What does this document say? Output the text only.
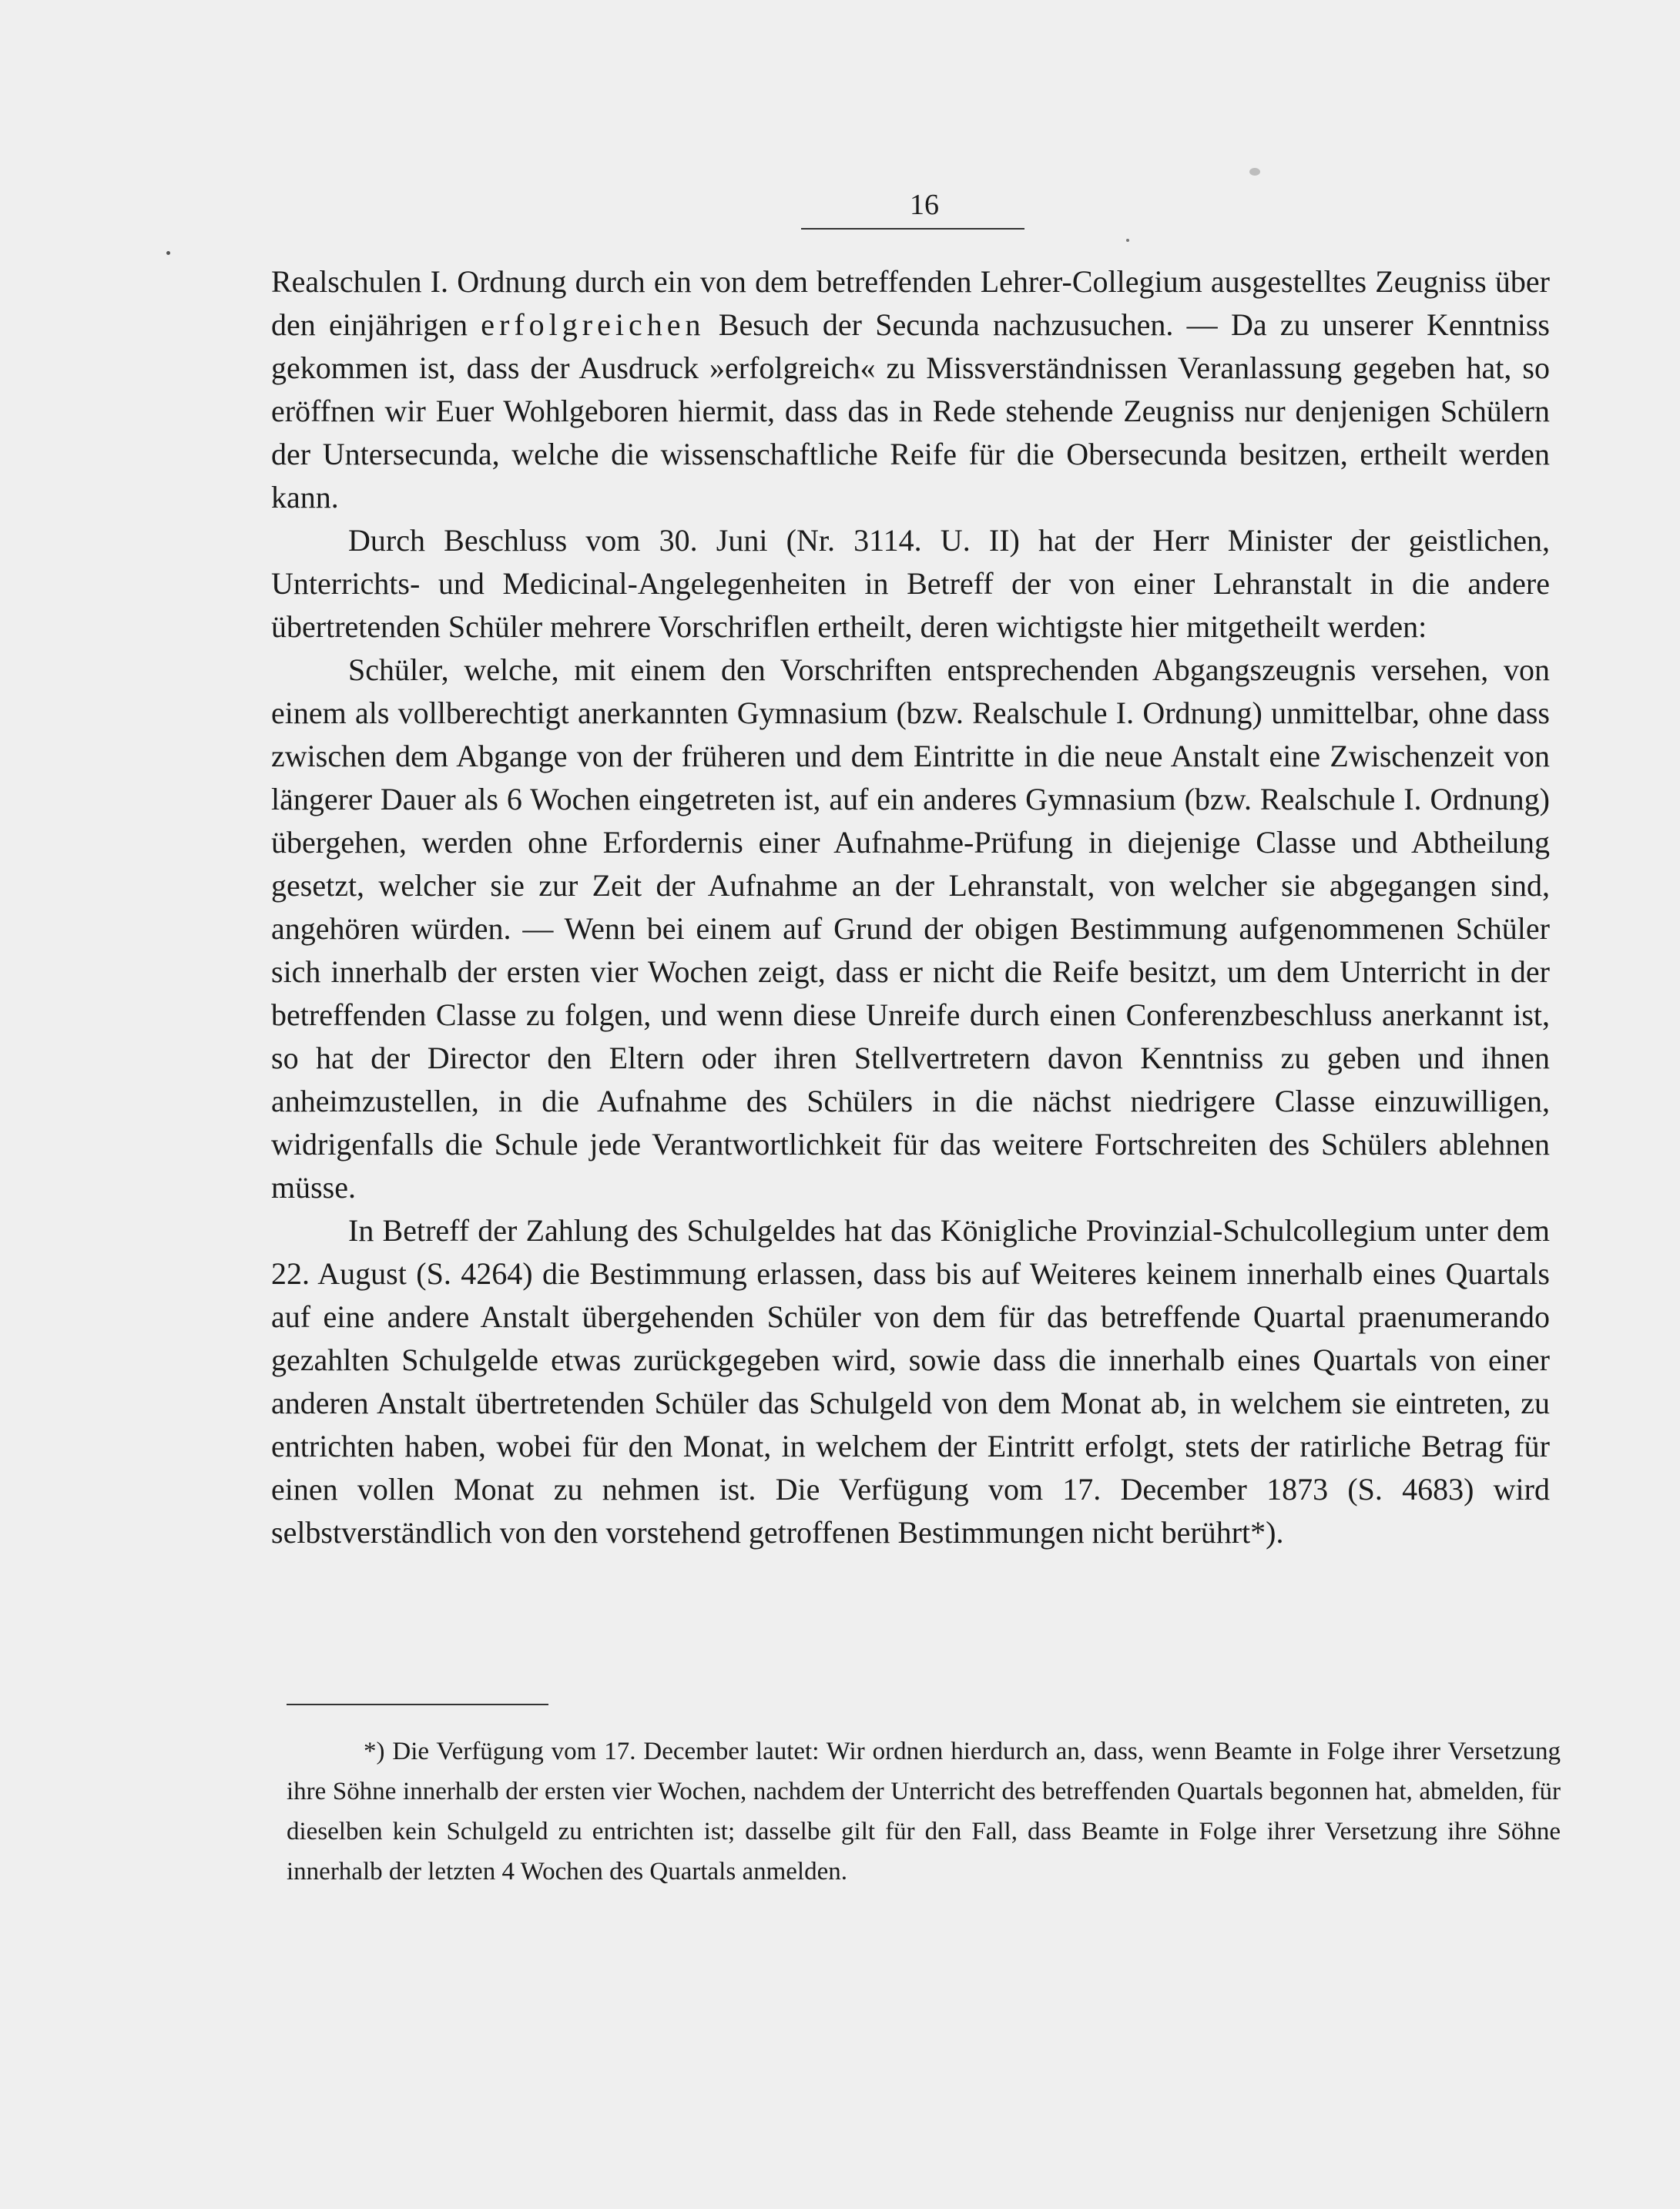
16

Realschulen I. Ordnung durch ein von dem betreffenden Lehrer-Collegium ausgestelltes Zeugniss über den einjährigen erfolgreichen Besuch der Secunda nachzusuchen. — Da zu unserer Kenntniss gekommen ist, dass der Ausdruck »erfolgreich« zu Missverständnissen Veranlassung gegeben hat, so eröffnen wir Euer Wohlgeboren hiermit, dass das in Rede stehende Zeugniss nur denjenigen Schülern der Untersecunda, welche die wissenschaftliche Reife für die Obersecunda besitzen, ertheilt werden kann.

Durch Beschluss vom 30. Juni (Nr. 3114. U. II) hat der Herr Minister der geistlichen, Unterrichts- und Medicinal-Angelegenheiten in Betreff der von einer Lehranstalt in die andere übertretenden Schüler mehrere Vorschriflen ertheilt, deren wichtigste hier mitgetheilt werden:

Schüler, welche, mit einem den Vorschriften entsprechenden Abgangszeugnis versehen, von einem als vollberechtigt anerkannten Gymnasium (bzw. Realschule I. Ordnung) unmittelbar, ohne dass zwischen dem Abgange von der früheren und dem Eintritte in die neue Anstalt eine Zwischenzeit von längerer Dauer als 6 Wochen eingetreten ist, auf ein anderes Gymnasium (bzw. Realschule I. Ordnung) übergehen, werden ohne Erfordernis einer Aufnahme-Prüfung in diejenige Classe und Abtheilung gesetzt, welcher sie zur Zeit der Aufnahme an der Lehranstalt, von welcher sie abgegangen sind, angehören würden. — Wenn bei einem auf Grund der obigen Bestimmung aufgenommenen Schüler sich innerhalb der ersten vier Wochen zeigt, dass er nicht die Reife besitzt, um dem Unterricht in der betreffenden Classe zu folgen, und wenn diese Unreife durch einen Conferenzbeschluss anerkannt ist, so hat der Director den Eltern oder ihren Stellvertretern davon Kenntniss zu geben und ihnen anheimzustellen, in die Aufnahme des Schülers in die nächst niedrigere Classe einzuwilligen, widrigenfalls die Schule jede Verantwortlichkeit für das weitere Fortschreiten des Schülers ablehnen müsse.

In Betreff der Zahlung des Schulgeldes hat das Königliche Provinzial-Schulcollegium unter dem 22. August (S. 4264) die Bestimmung erlassen, dass bis auf Weiteres keinem innerhalb eines Quartals auf eine andere Anstalt übergehenden Schüler von dem für das betreffende Quartal praenumerando gezahlten Schulgelde etwas zurückgegeben wird, sowie dass die innerhalb eines Quartals von einer anderen Anstalt übertretenden Schüler das Schulgeld von dem Monat ab, in welchem sie eintreten, zu entrichten haben, wobei für den Monat, in welchem der Eintritt erfolgt, stets der ratirliche Betrag für einen vollen Monat zu nehmen ist. Die Verfügung vom 17. December 1873 (S. 4683) wird selbstverständlich von den vorstehend getroffenen Bestimmungen nicht berührt*).

*) Die Verfügung vom 17. December lautet: Wir ordnen hierdurch an, dass, wenn Beamte in Folge ihrer Versetzung ihre Söhne innerhalb der ersten vier Wochen, nachdem der Unterricht des betreffenden Quartals begonnen hat, abmelden, für dieselben kein Schulgeld zu entrichten ist; dasselbe gilt für den Fall, dass Beamte in Folge ihrer Versetzung ihre Söhne innerhalb der letzten 4 Wochen des Quartals anmelden.
